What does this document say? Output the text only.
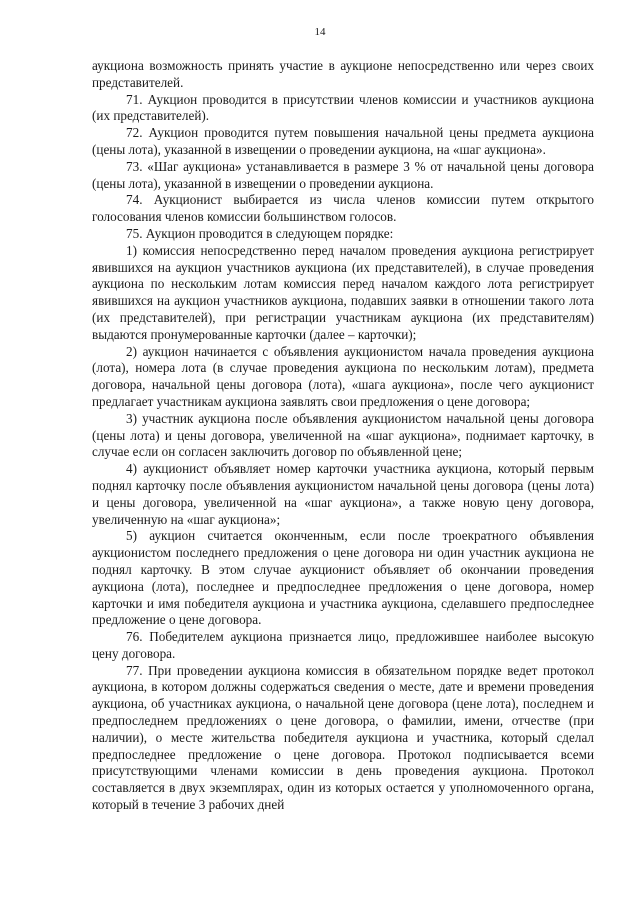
14

аукциона возможность принять участие в аукционе непосредственно или через своих представителей.

71. Аукцион проводится в присутствии членов комиссии и участников аукциона (их представителей).

72. Аукцион проводится путем повышения начальной цены предмета аукциона (цены лота), указанной в извещении о проведении аукциона, на «шаг аукциона».

73. «Шаг аукциона» устанавливается в размере 3 % от начальной цены договора (цены лота), указанной в извещении о проведении аукциона.

74. Аукционист выбирается из числа членов комиссии путем открытого голосования членов комиссии большинством голосов.

75. Аукцион проводится в следующем порядке:

1) комиссия непосредственно перед началом проведения аукциона регистрирует явившихся на аукцион участников аукциона (их представителей), в случае проведения аукциона по нескольким лотам комиссия перед началом каждого лота регистрирует явившихся на аукцион участников аукциона, подавших заявки в отношении такого лота (их представителей), при регистрации участникам аукциона (их представителям) выдаются пронумерованные карточки (далее – карточки);

2) аукцион начинается с объявления аукционистом начала проведения аукциона (лота), номера лота (в случае проведения аукциона по нескольким лотам), предмета договора, начальной цены договора (лота), «шага аукциона», после чего аукционист предлагает участникам аукциона заявлять свои предложения о цене договора;

3) участник аукциона после объявления аукционистом начальной цены договора (цены лота) и цены договора, увеличенной на «шаг аукциона», поднимает карточку, в случае если он согласен заключить договор по объявленной цене;

4) аукционист объявляет номер карточки участника аукциона, который первым поднял карточку после объявления аукционистом начальной цены договора (цены лота) и цены договора, увеличенной на «шаг аукциона», а также новую цену договора, увеличенную на «шаг аукциона»;

5) аукцион считается оконченным, если после троекратного объявления аукционистом последнего предложения о цене договора ни один участник аукциона не поднял карточку. В этом случае аукционист объявляет об окончании проведения аукциона (лота), последнее и предпоследнее предложения о цене договора, номер карточки и имя победителя аукциона и участника аукциона, сделавшего предпоследнее предложение о цене договора.

76. Победителем аукциона признается лицо, предложившее наиболее высокую цену договора.

77. При проведении аукциона комиссия в обязательном порядке ведет протокол аукциона, в котором должны содержаться сведения о месте, дате и времени проведения аукциона, об участниках аукциона, о начальной цене договора (цене лота), последнем и предпоследнем предложениях о цене договора, о фамилии, имени, отчестве (при наличии), о месте жительства победителя аукциона и участника, который сделал предпоследнее предложение о цене договора. Протокол подписывается всеми присутствующими членами комиссии в день проведения аукциона. Протокол составляется в двух экземплярах, один из которых остается у уполномоченного органа, который в течение 3 рабочих дней
